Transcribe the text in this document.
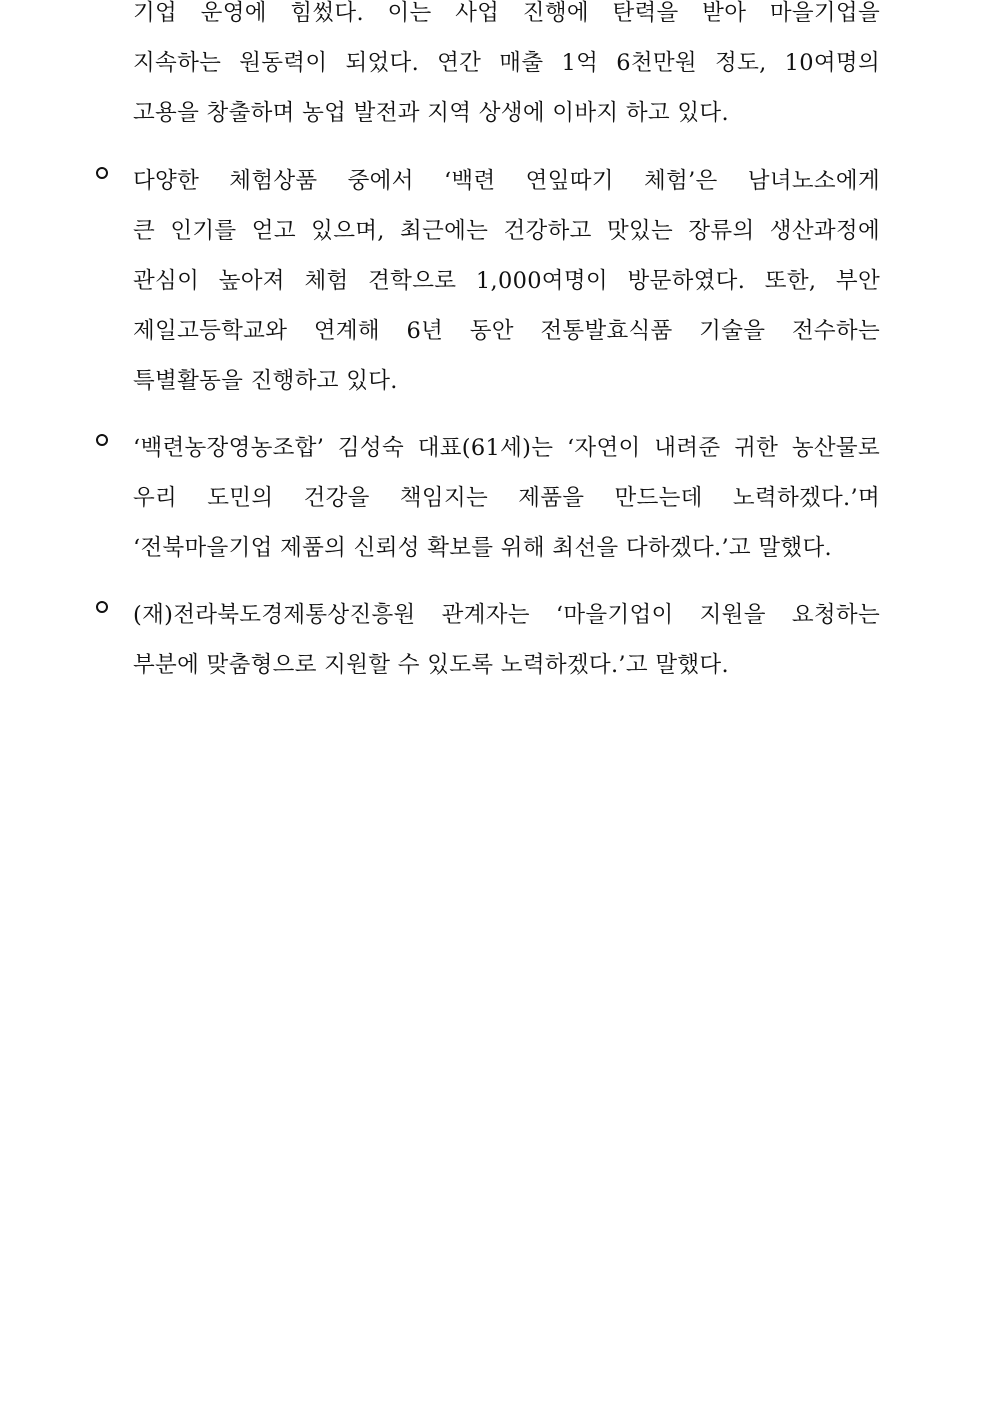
기업 운영에 힘썼다. 이는 사업 진행에 탄력을 받아 마을기업을
지속하는 원동력이 되었다. 연간 매출 1억 6천만원 정도, 10여명의
고용을 창출하며 농업 발전과 지역 상생에 이바지 하고 있다.
다양한 체험상품 중에서 ‘백련 연잎따기 체험’은 남녀노소에게
큰 인기를 얻고 있으며, 최근에는 건강하고 맛있는 장류의 생산과정에
관심이 높아져 체험 견학으로 1,000여명이 방문하였다. 또한, 부안
제일고등학교와 연계해 6년 동안 전통발효식품 기술을 전수하는
특별활동을 진행하고 있다.
‘백련농장영농조합’ 김성숙 대표(61세)는 ‘자연이 내려준 귀한 농산물로
우리 도민의 건강을 책임지는 제품을 만드는데 노력하겠다.’며
‘전북마을기업 제품의 신뢰성 확보를 위해 최선을 다하겠다.’고 말했다.
(재)전라북도경제통상진흥원 관계자는 ‘마을기업이 지원을 요청하는
부분에 맞춤형으로 지원할 수 있도록 노력하겠다.’고 말했다.
